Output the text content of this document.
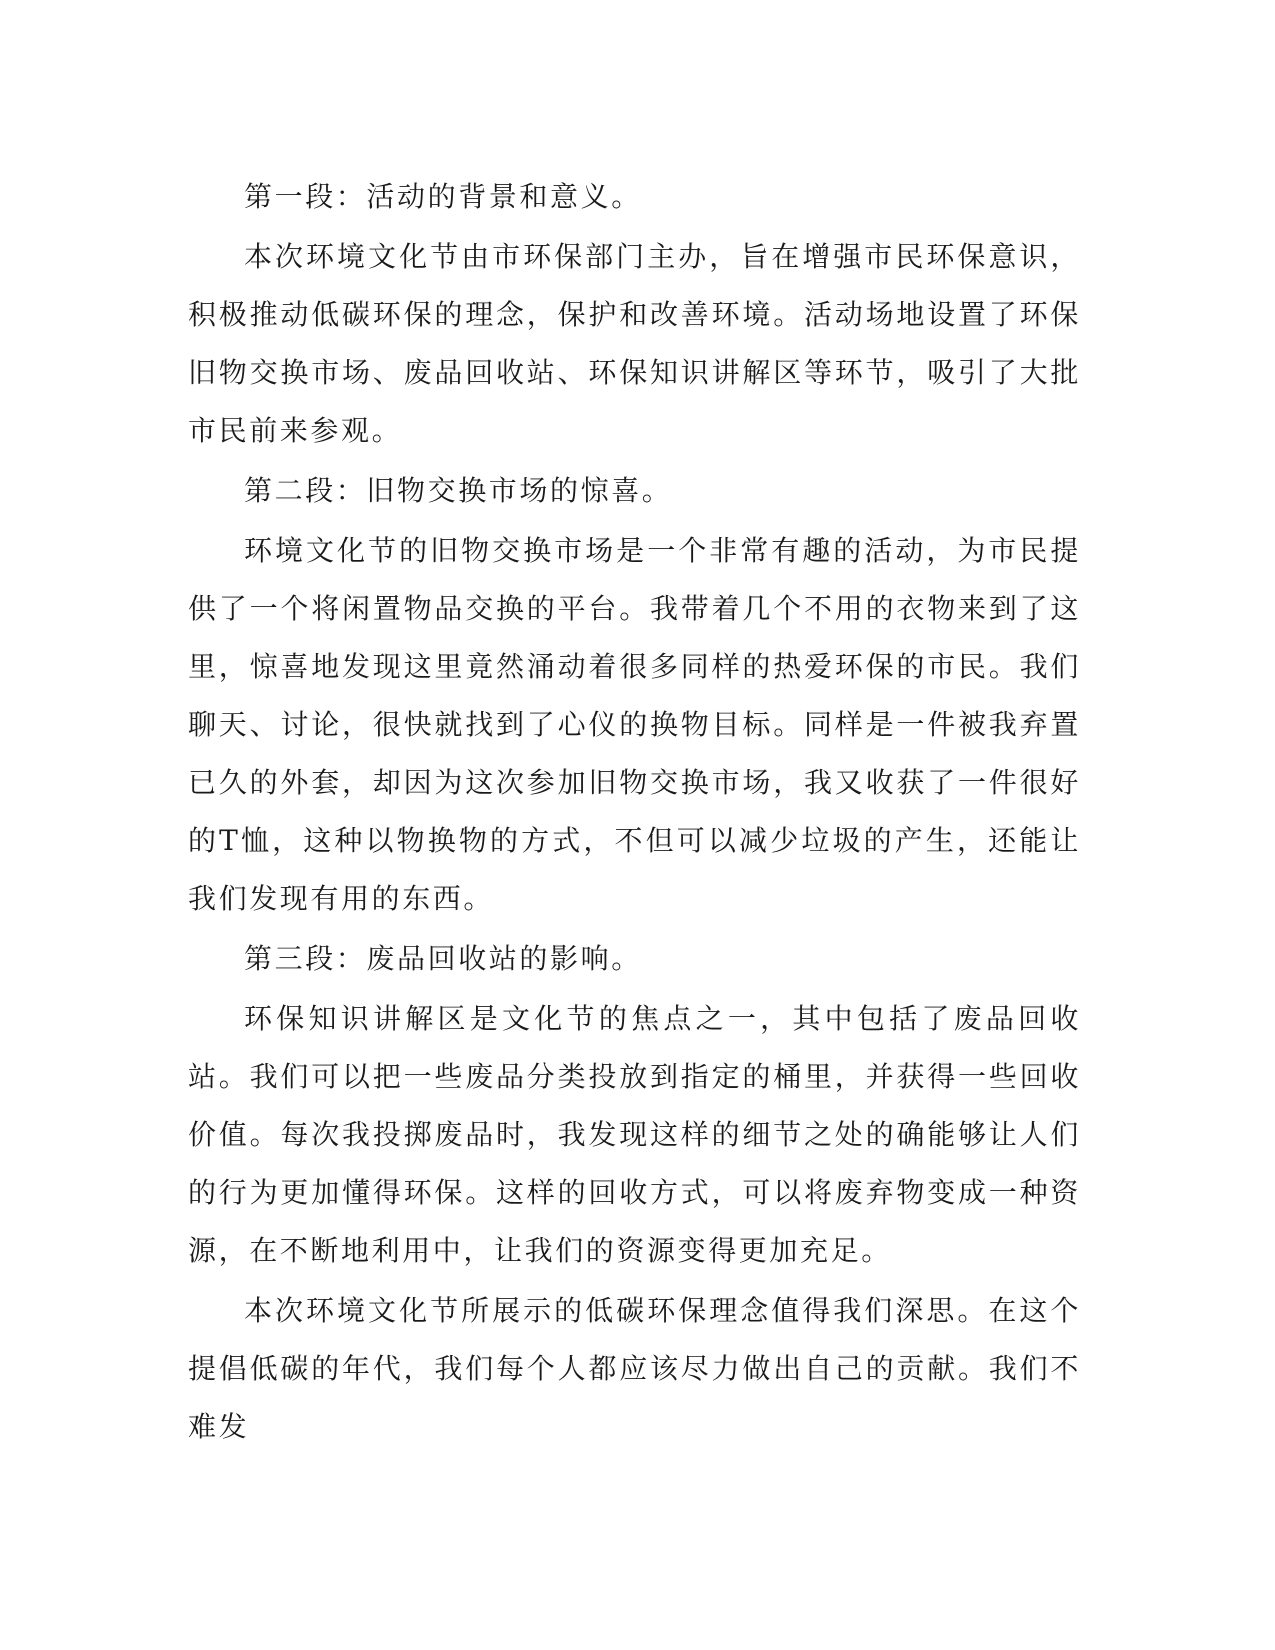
第一段：活动的背景和意义。

本次环境文化节由市环保部门主办，旨在增强市民环保意识，积极推动低碳环保的理念，保护和改善环境。活动场地设置了环保旧物交换市场、废品回收站、环保知识讲解区等环节，吸引了大批市民前来参观。

第二段：旧物交换市场的惊喜。

环境文化节的旧物交换市场是一个非常有趣的活动，为市民提供了一个将闲置物品交换的平台。我带着几个不用的衣物来到了这里，惊喜地发现这里竟然涌动着很多同样的热爱环保的市民。我们聊天、讨论，很快就找到了心仪的换物目标。同样是一件被我弃置已久的外套，却因为这次参加旧物交换市场，我又收获了一件很好的T恤，这种以物换物的方式，不但可以减少垃圾的产生，还能让我们发现有用的东西。

第三段：废品回收站的影响。

环保知识讲解区是文化节的焦点之一，其中包括了废品回收站。我们可以把一些废品分类投放到指定的桶里，并获得一些回收价值。每次我投掷废品时，我发现这样的细节之处的确能够让人们的行为更加懂得环保。这样的回收方式，可以将废弃物变成一种资源，在不断地利用中，让我们的资源变得更加充足。

本次环境文化节所展示的低碳环保理念值得我们深思。在这个提倡低碳的年代，我们每个人都应该尽力做出自己的贡献。我们不难发
